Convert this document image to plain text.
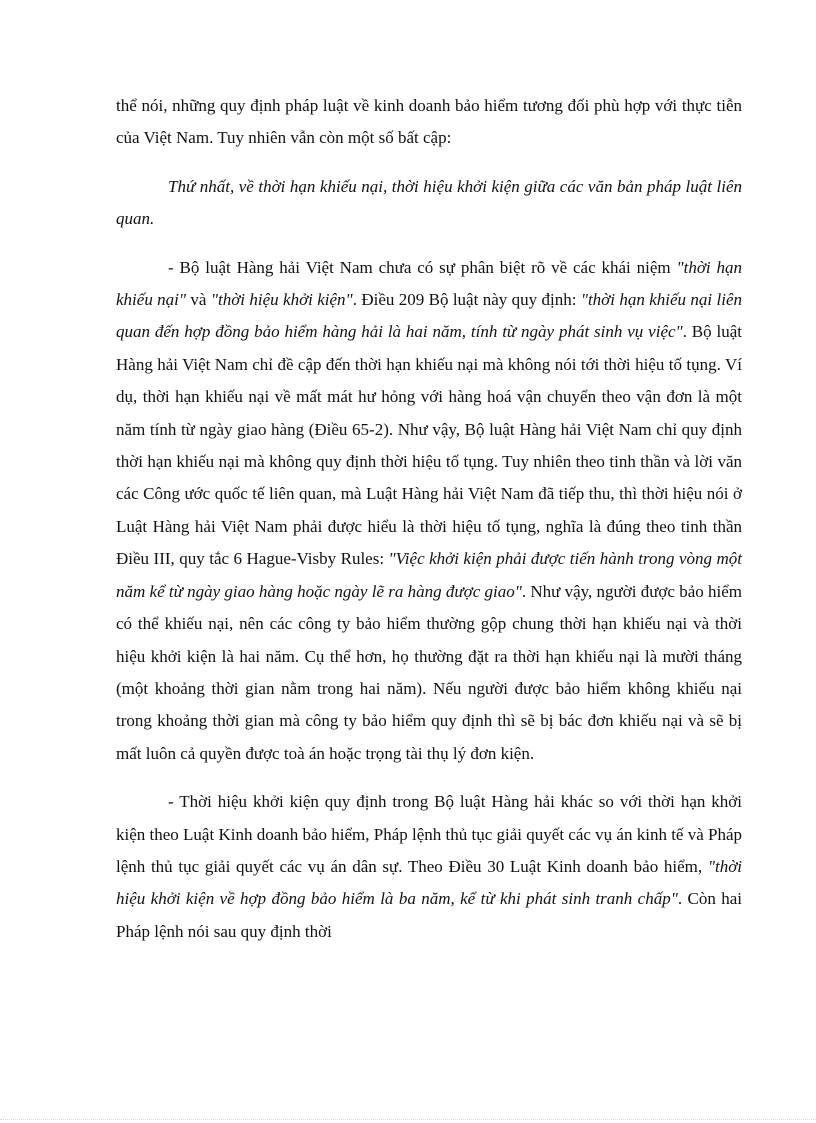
thể nói, những quy định pháp luật về kinh doanh bảo hiểm tương đối phù hợp với thực tiễn của Việt Nam. Tuy nhiên vẫn còn một số bất cập:

Thứ nhất, về thời hạn khiếu nại, thời hiệu khởi kiện giữa các văn bản pháp luật liên quan.

- Bộ luật Hàng hải Việt Nam chưa có sự phân biệt rõ về các khái niệm "thời hạn khiếu nại" và "thời hiệu khởi kiện". Điều 209 Bộ luật này quy định: "thời hạn khiếu nại liên quan đến hợp đồng bảo hiểm hàng hải là hai năm, tính từ ngày phát sinh vụ việc". Bộ luật Hàng hải Việt Nam chỉ đề cập đến thời hạn khiếu nại mà không nói tới thời hiệu tố tụng. Ví dụ, thời hạn khiếu nại về mất mát hư hỏng với hàng hoá vận chuyển theo vận đơn là một năm tính từ ngày giao hàng (Điều 65-2). Như vậy, Bộ luật Hàng hải Việt Nam chỉ quy định thời hạn khiếu nại mà không quy định thời hiệu tố tụng. Tuy nhiên theo tinh thần và lời văn các Công ước quốc tế liên quan, mà Luật Hàng hải Việt Nam đã tiếp thu, thì thời hiệu nói ở Luật Hàng hải Việt Nam phải được hiểu là thời hiệu tố tụng, nghĩa là đúng theo tinh thần Điều III, quy tắc 6 Hague-Visby Rules: "Việc khởi kiện phải được tiến hành trong vòng một năm kể từ ngày giao hàng hoặc ngày lẽ ra hàng được giao". Như vậy, người được bảo hiểm có thể khiếu nại, nên các công ty bảo hiểm thường gộp chung thời hạn khiếu nại và thời hiệu khởi kiện là hai năm. Cụ thể hơn, họ thường đặt ra thời hạn khiếu nại là mười tháng (một khoảng thời gian nằm trong hai năm). Nếu người được bảo hiểm không khiếu nại trong khoảng thời gian mà công ty bảo hiểm quy định thì sẽ bị bác đơn khiếu nại và sẽ bị mất luôn cả quyền được toà án hoặc trọng tài thụ lý đơn kiện.

- Thời hiệu khởi kiện quy định trong Bộ luật Hàng hải khác so với thời hạn khởi kiện theo Luật Kinh doanh bảo hiểm, Pháp lệnh thủ tục giải quyết các vụ án kinh tế và Pháp lệnh thủ tục giải quyết các vụ án dân sự. Theo Điều 30 Luật Kinh doanh bảo hiểm, "thời hiệu khởi kiện về hợp đồng bảo hiểm là ba năm, kể từ khi phát sinh tranh chấp". Còn hai Pháp lệnh nói sau quy định thời
